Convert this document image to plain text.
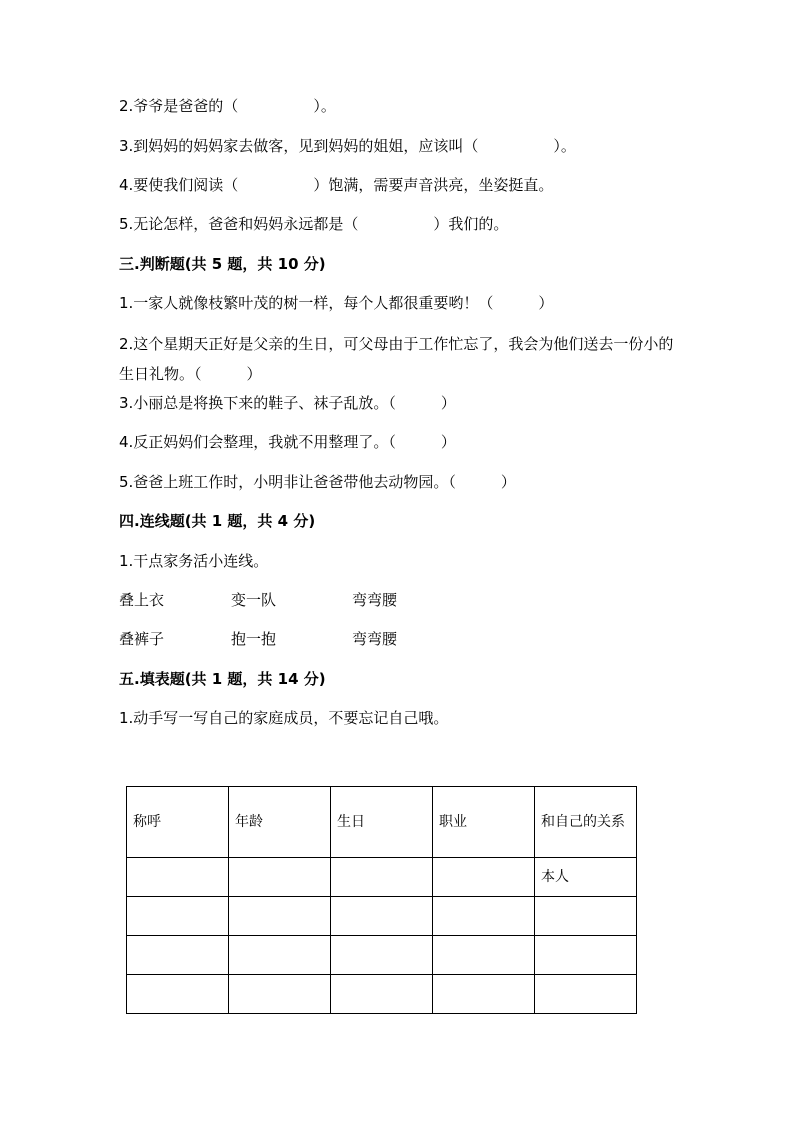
2.爷爷是爸爸的（　　　　　）。
3.到妈妈的妈妈家去做客，见到妈妈的姐姐，应该叫（　　　　　）。
4.要使我们阅读（　　　　　）饱满，需要声音洪亮，坐姿挺直。
5.无论怎样，爸爸和妈妈永远都是（　　　　　）我们的。
三.判断题(共 5 题，共 10 分)
1.一家人就像枝繁叶茂的树一样，每个人都很重要哟！（　　　）
2.这个星期天正好是父亲的生日，可父母由于工作忙忘了，我会为他们送去一份小的生日礼物。（　　　）
3.小丽总是将换下来的鞋子、袜子乱放。（　　　）
4.反正妈妈们会整理，我就不用整理了。（　　　）
5.爸爸上班工作时，小明非让爸爸带他去动物园。（　　　）
四.连线题(共 1 题，共 4 分)
1.干点家务活小连线。
叠上衣	变一队	弯弯腰
叠裤子	抱一抱	弯弯腰
五.填表题(共 1 题，共 14 分)
1.动手写一写自己的家庭成员，不要忘记自己哦。
称呼	年龄	生日	职业	和自己的关系
				本人
